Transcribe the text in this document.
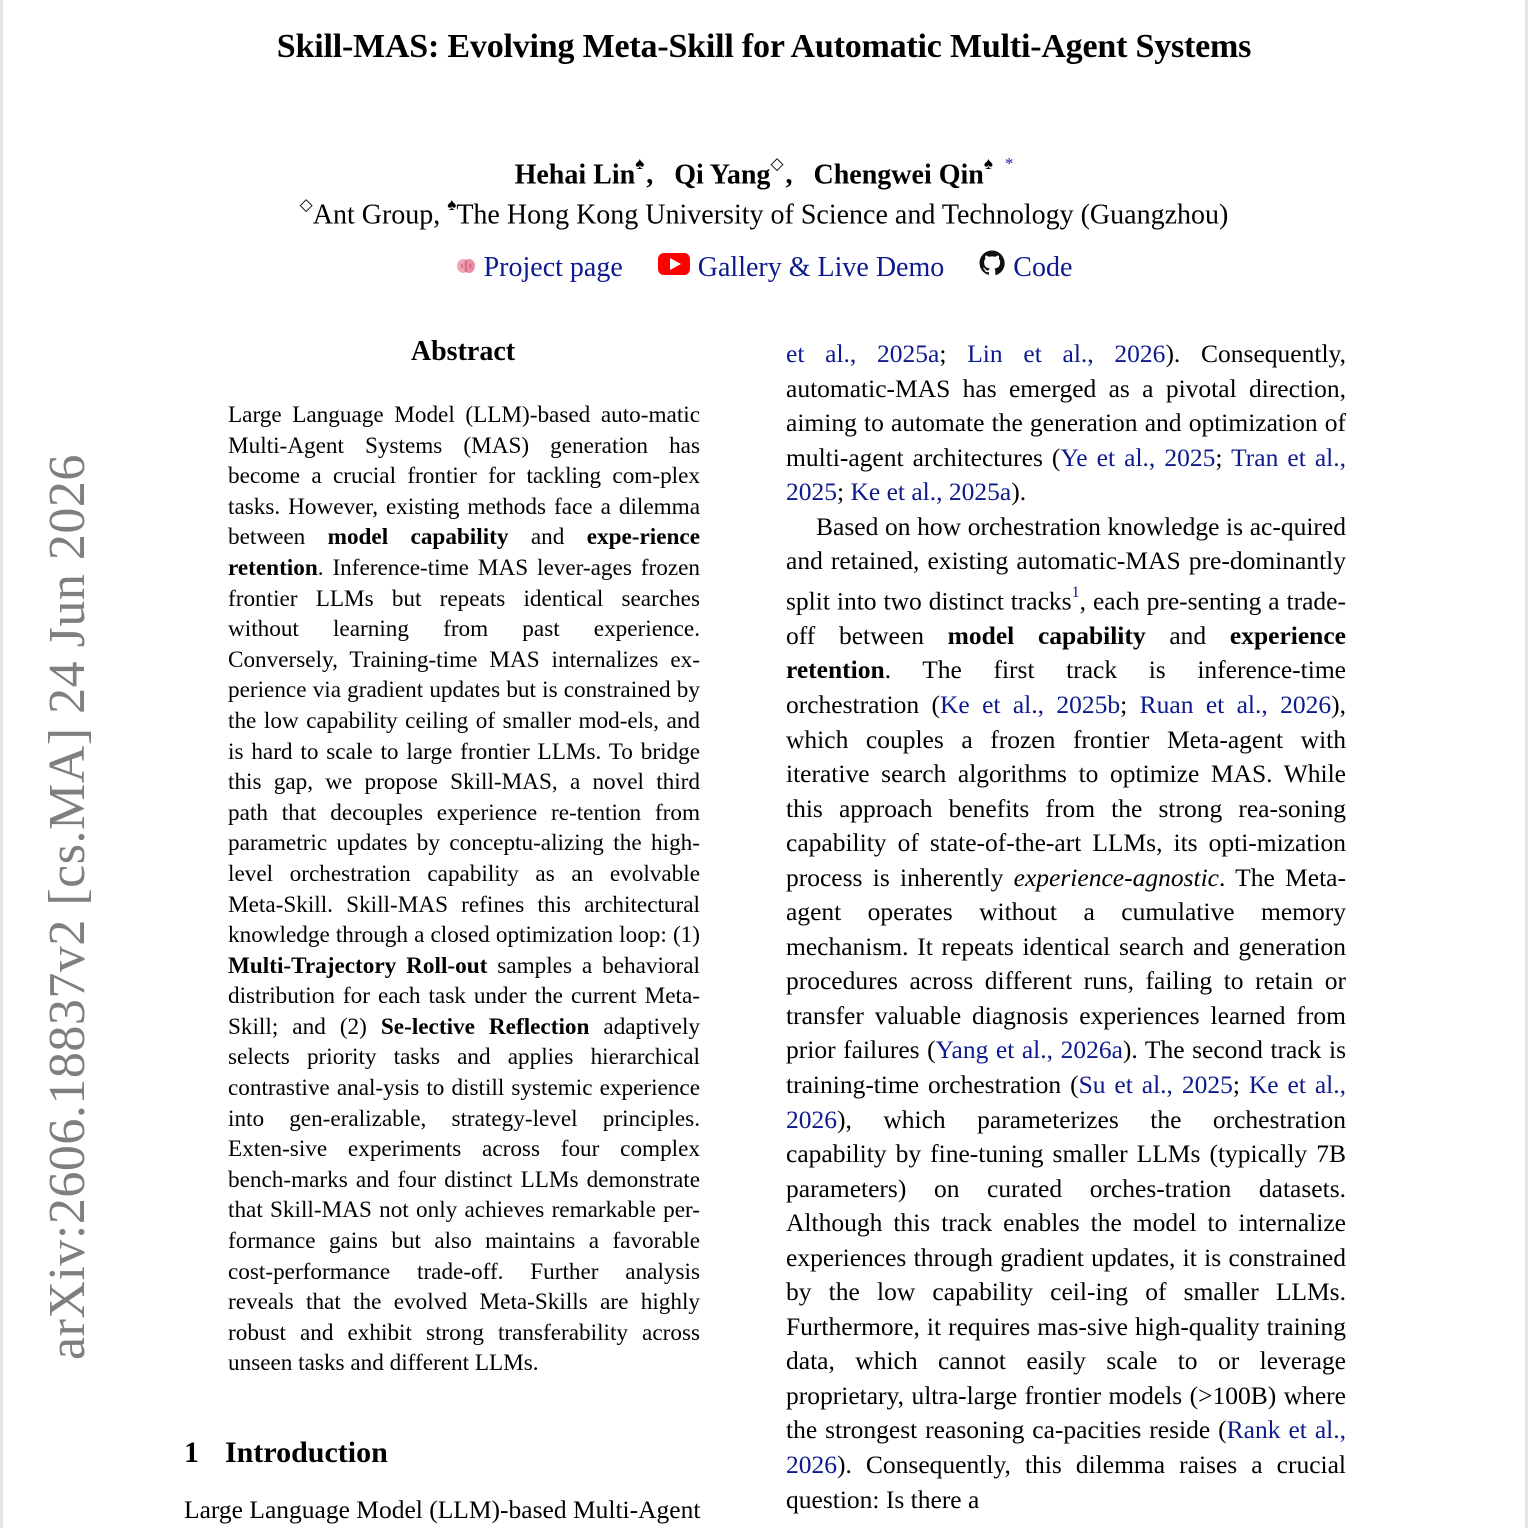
Skill-MAS: Evolving Meta-Skill for Automatic Multi-Agent Systems
Hehai Lin♠, Qi Yang◇, Chengwei Qin♠ *
◇Ant Group, ♠The Hong Kong University of Science and Technology (Guangzhou)
Project page	Gallery & Live Demo Code
arXiv:2606.18837v2 [cs.MA] 24 Jun 2026
Abstract
Large Language Model (LLM)-based auto-matic Multi-Agent Systems (MAS) generation has become a crucial frontier for tackling com-plex tasks. However, existing methods face a dilemma between model capability and expe-rience retention. Inference-time MAS lever-ages frozen frontier LLMs but repeats identical searches without learning from past experience. Conversely, Training-time MAS internalizes ex-perience via gradient updates but is constrained by the low capability ceiling of smaller mod-els, and is hard to scale to large frontier LLMs. To bridge this gap, we propose Skill-MAS, a novel third path that decouples experience re-tention from parametric updates by conceptu-alizing the high-level orchestration capability as an evolvable Meta-Skill. Skill-MAS refines this architectural knowledge through a closed optimization loop: (1) Multi-Trajectory Roll-out samples a behavioral distribution for each task under the current Meta-Skill; and (2) Se-lective Reflection adaptively selects priority tasks and applies hierarchical contrastive anal-ysis to distill systemic experience into gen-eralizable, strategy-level principles. Exten-sive experiments across four complex bench-marks and four distinct LLMs demonstrate that Skill-MAS not only achieves remarkable per-formance gains but also maintains a favorable cost-performance trade-off. Further analysis reveals that the evolved Meta-Skills are highly robust and exhibit strong transferability across unseen tasks and different LLMs.
1 Introduction
Large Language Model (LLM)-based Multi-Agent

et al., 2025a; Lin et al., 2026). Consequently, automatic-MAS has emerged as a pivotal direction, aiming to automate the generation and optimization of multi-agent architectures (Ye et al., 2025; Tran et al., 2025; Ke et al., 2025a).

Based on how orchestration knowledge is ac-quired and retained, existing automatic-MAS pre-dominantly split into two distinct tracks$^1$, each pre-senting a trade-off between model capability and experience retention. The first track is inference-time orchestration (Ke et al., 2025b; Ruan et al., 2026), which couples a frozen frontier Meta-agent with iterative search algorithms to optimize MAS. While this approach benefits from the strong rea-soning capability of state-of-the-art LLMs, its opti-mization process is inherently experience-agnostic. The Meta-agent operates without a cumulative memory mechanism. It repeats identical search and generation procedures across different runs, failing to retain or transfer valuable diagnosis experiences learned from prior failures (Yang et al., 2026a). The second track is training-time orchestration (Su et al., 2025; Ke et al., 2026), which parameterizes the orchestration capability by fine-tuning smaller LLMs (typically 7B parameters) on curated orches-tration datasets. Although this track enables the model to internalize experiences through gradient updates, it is constrained by the low capability ceil-ing of smaller LLMs. Furthermore, it requires mas-sive high-quality training data, which cannot easily scale to or leverage proprietary, ultra-large frontier models (>100B) where the strongest reasoning ca-pacities reside (Rank et al., 2026). Consequently, this dilemma raises a crucial question: Is there a
